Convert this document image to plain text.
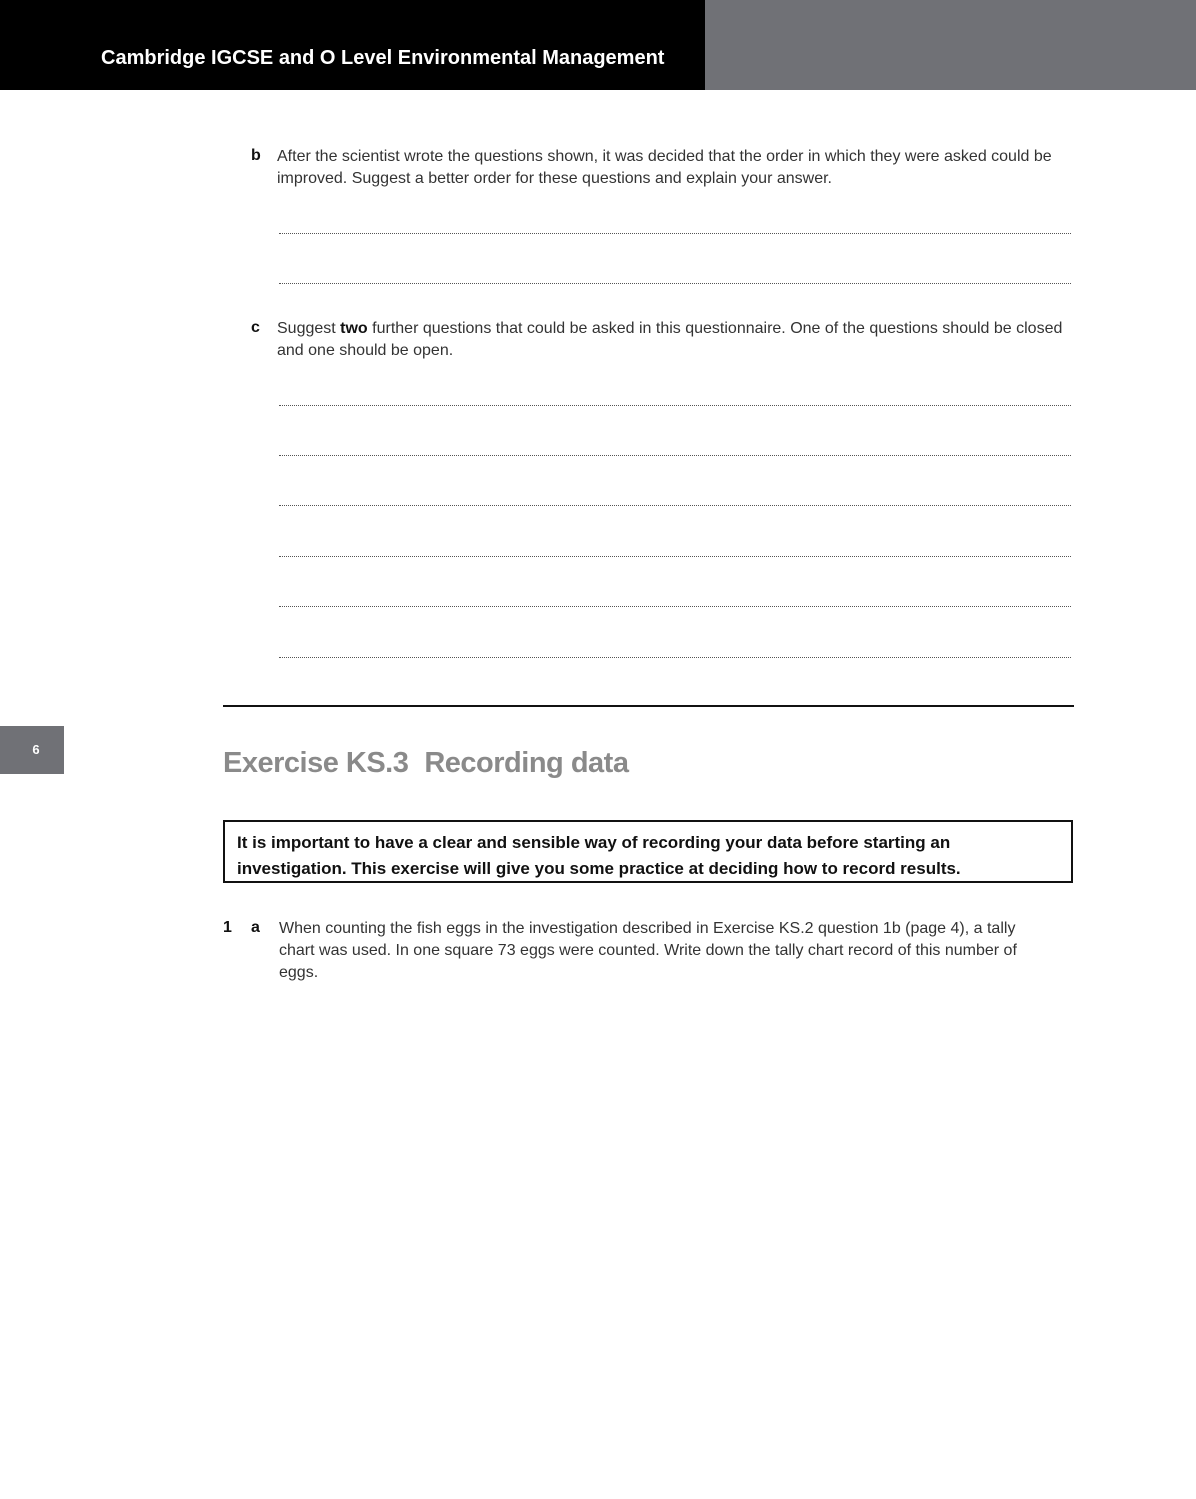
Cambridge IGCSE and O Level Environmental Management
6
b After the scientist wrote the questions shown, it was decided that the order in which they were asked could be improved. Suggest a better order for these questions and explain your answer.
c Suggest two further questions that could be asked in this questionnaire. One of the questions should be closed and one should be open.
Exercise KS.3 Recording data
It is important to have a clear and sensible way of recording your data before starting an investigation. This exercise will give you some practice at deciding how to record results.
1 a When counting the fish eggs in the investigation described in Exercise KS.2 question 1b (page 4), a tally chart was used. In one square 73 eggs were counted. Write down the tally chart record of this number of eggs.
